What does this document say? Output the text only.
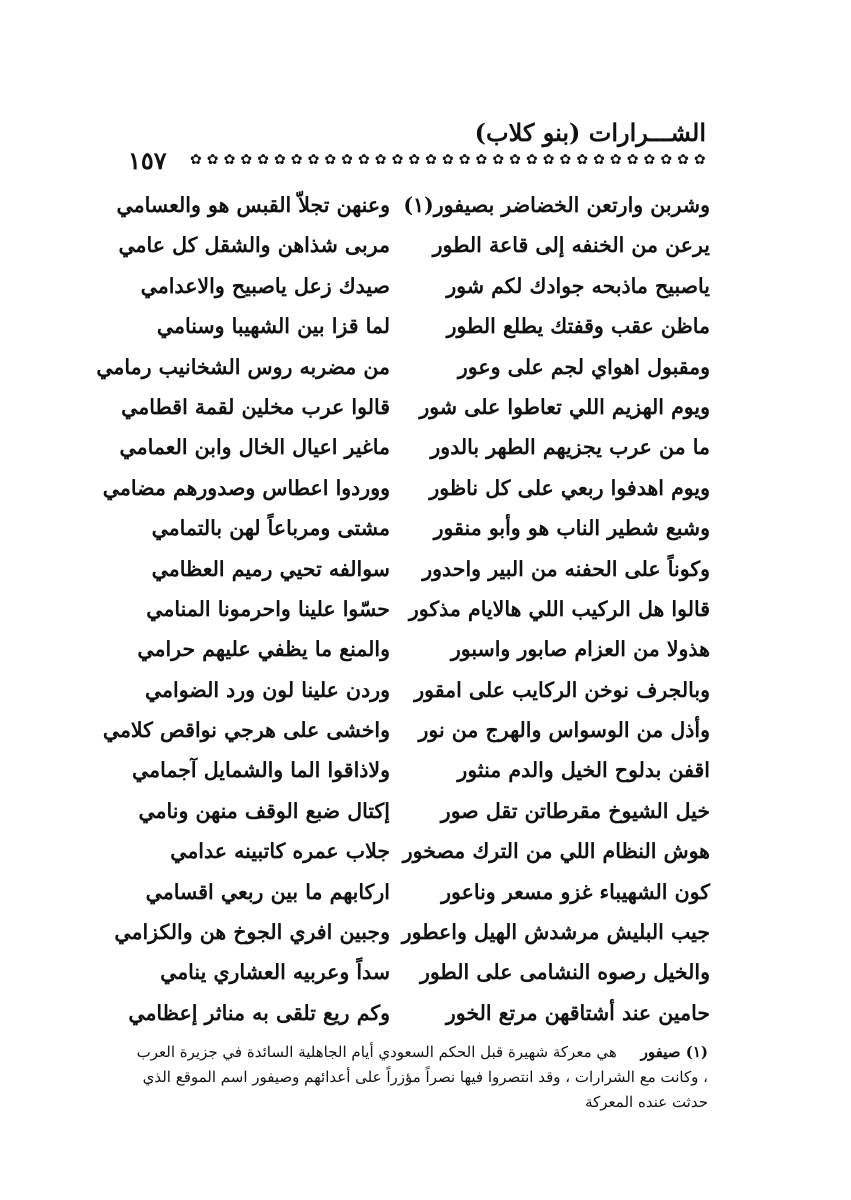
الشـــرارات (بنو كلاب)
✿ ✿ ✿ ✿ ✿ ✿ ✿ ✿ ✿ ✿ ✿ ✿ ✿ ✿ ✿ ✿ ✿ ✿ ✿ ✿ ✿ ✿ ✿ ✿ ✿ ✿ ✿ ✿ ✿ ✿ ✿
١٥٧
وشربن وارتعن الخضاضر بصيفور(١)
وعنهن تجلاّ القبس هو والعسامي
يرعن من الخنفه إلى قاعة الطور
مربى شذاهن والشقل كل عامي
ياصبيح ماذبحه جوادك لكم شور
صيدك زعل ياصبيح والاعدامي
ماظن عقب وقفتك يطلع الطور
لما قزا بين الشهيبا وسنامي
ومقبول اهواي لجم على وعور
من مضربه روس الشخانيب رمامي
ويوم الهزيم اللي تعاطوا على شور
قالوا عرب مخلين لقمة اقطامي
ما من عرب يجزيهم الطهر بالدور
ماغير اعيال الخال وابن العمامي
ويوم اهدفوا ربعي على كل ناظور
ووردوا اعطاس وصدورهم مضامي
وشبع شطير الناب هو وأبو منقور
مشتى ومرباعاً لهن بالتمامي
وكوناً على الحفنه من البير واحدور
سوالفه تحيي رميم العظامي
قالوا هل الركيب اللي هالايام مذكور
حسّوا علينا واحرمونا المنامي
هذولا من العزام صابور واسبور
والمنع ما يظفي عليهم حرامي
وبالجرف نوخن الركايب على امقور
وردن علينا لون ورد الضوامي
وأذل من الوسواس والهرج من نور
واخشى على هرجي نواقص كلامي
اقفن بدلوح الخيل والدم منثور
ولاذاقوا الما والشمايل آجمامي
خيل الشيوخ مقرطاتن تقل صور
إكتال ضبع الوقف منهن ونامي
هوش النظام اللي من الترك مصخور
جلاب عمره كاتبينه عدامي
كون الشهيباء غزو مسعر وناعور
اركابهم ما بين ربعي اقسامي
جيب البليش مرشدش الهيل واعطور
وجبين افري الجوخ هن والكزامي
والخيل رصوه النشامى على الطور
سداً وعربيه العشاري ينامي
حامين عند أشتاقهن مرتع الخور
وكم ريع تلقى به مناثر إعظامي
(١) صيفور     هي معركة شهيرة قبل الحكم السعودي أيام الجاهلية السائدة في جزيرة العرب ، وكانت مع الشرارات ، وقد انتصروا فيها نصراً مؤزراً على أعدائهم وصيفور اسم الموقع الذي حدثت عنده المعركة
